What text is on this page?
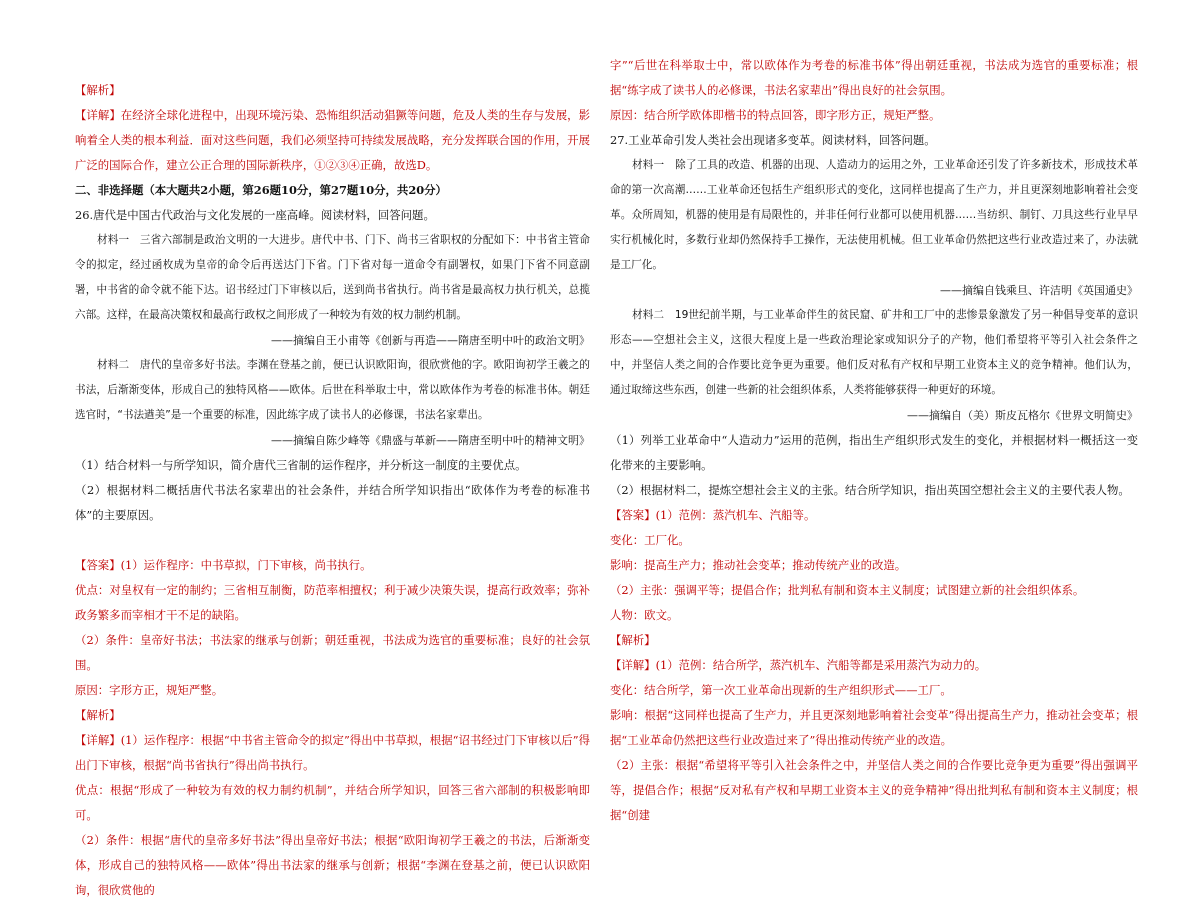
【解析】

【详解】在经济全球化进程中，出现环境污染、恐怖组织活动猖獗等问题，危及人类的生存与发展，影响着全人类的根本利益．面对这些问题，我们必须坚持可持续发展战略，充分发挥联合国的作用，开展广泛的国际合作，建立公正合理的国际新秩序，①②③④正确，故选D。

二、非选择题（本大题共2小题，第26题10分，第27题10分，共20分）

26.唐代是中国古代政治与文化发展的一座高峰。阅读材料，回答问题。

材料一　三省六部制是政治文明的一大进步。唐代中书、门下、尚书三省职权的分配如下：中书省主管命令的拟定，经过函枚成为皇帝的命令后再送达门下省。门下省对每一道命令有副署权，如果门下省不同意副署，中书省的命令就不能下达。诏书经过门下审核以后，送到尚书省执行。尚书省是最高权力执行机关，总揽六部。这样，在最高决策权和最高行政权之间形成了一种较为有效的权力制约机制。

——摘编自王小甫等《创新与再造——隋唐至明中叶的政治文明》

材料二　唐代的皇帝多好书法。李渊在登基之前，便已认识欧阳询，很欣赏他的字。欧阳询初学王羲之的书法，后渐渐变体，形成自己的独特风格——欧体。后世在科举取士中，常以欧体作为考卷的标准书体。朝廷选官时，“书法遒美”是一个重要的标准，因此练字成了读书人的必修课，书法名家辈出。

——摘编自陈少峰等《鼎盛与革新——隋唐至明中叶的精神文明》

（1）结合材料一与所学知识，简介唐代三省制的运作程序，并分析这一制度的主要优点。

（2）根据材料二概括唐代书法名家辈出的社会条件，并结合所学知识指出“欧体作为考卷的标准书体”的主要原因。

【答案】(1）运作程序：中书草拟，门下审核，尚书执行。

优点：对皇权有一定的制约；三省相互制衡，防范率相擅权；利于减少决策失误，提高行政效率；弥补政务繁多而宰相才干不足的缺陷。

（2）条件：皇帝好书法；书法家的继承与创新；朝廷重视，书法成为选官的重要标准；良好的社会氛围。

原因：字形方正，规矩严整。

【解析】

【详解】(1）运作程序：根据“中书省主管命令的拟定”得出中书草拟，根据“诏书经过门下审核以后”得出门下审核，根据“尚书省执行”得出尚书执行。

优点：根据“形成了一种较为有效的权力制约机制”，并结合所学知识，回答三省六部制的积极影响即可。

（2）条件：根据“唐代的皇帝多好书法”得出皇帝好书法；根据“欧阳询初学王羲之的书法，后渐渐变体，形成自己的独特风格——欧体”得出书法家的继承与创新；根据“李渊在登基之前，便已认识欧阳询，很欣赏他的

字”“后世在科举取士中，常以欧体作为考卷的标准书体”得出朝廷重视，书法成为选官的重要标准；根据“练字成了读书人的必修课，书法名家辈出”得出良好的社会氛围。

原因：结合所学欧体即楷书的特点回答，即字形方正，规矩严整。

27.工业革命引发人类社会出现诸多变革。阅读材料，回答问题。

材料一　除了工具的改造、机器的出现、人造动力的运用之外，工业革命还引发了许多新技术，形成技术革命的第一次高潮……工业革命还包括生产组织形式的变化，这同样也提高了生产力，并且更深刻地影响着社会变革。众所周知，机器的使用是有局限性的，并非任何行业都可以使用机器……当纺织、制钉、刀具这些行业早早实行机械化时，多数行业却仍然保持手工操作，无法使用机械。但工业革命仍然把这些行业改造过来了，办法就是工厂化。

——摘编自钱乘旦、许洁明《英国通史》

材料二　19世纪前半期，与工业革命伴生的贫民窟、矿井和工厂中的悲惨景象激发了另一种倡导变革的意识形态——空想社会主义，这很大程度上是一些政治理论家或知识分子的产物，他们希望将平等引入社会条件之中，并坚信人类之间的合作要比竞争更为重要。他们反对私有产权和早期工业资本主义的竞争精神。他们认为，通过取缔这些东西，创建一些新的社会组织体系，人类将能够获得一种更好的环境。

——摘编自（美）斯皮瓦格尔《世界文明简史》

（1）列举工业革命中“人造动力”运用的范例，指出生产组织形式发生的变化，并根据材料一概括这一变化带来的主要影响。

（2）根据材料二，提炼空想社会主义的主张。结合所学知识，指出英国空想社会主义的主要代表人物。

【答案】(1）范例：蒸汽机车、汽船等。

变化：工厂化。

影响：提高生产力；推动社会变革；推动传统产业的改造。

（2）主张：强调平等；提倡合作；批判私有制和资本主义制度；试图建立新的社会组织体系。

人物：欧文。

【解析】

【详解】(1）范例：结合所学，蒸汽机车、汽船等都是采用蒸汽为动力的。

变化：结合所学，第一次工业革命出现新的生产组织形式——工厂。

影响：根据“这同样也提高了生产力，并且更深刻地影响着社会变革”得出提高生产力，推动社会变革；根据“工业革命仍然把这些行业改造过来了”得出推动传统产业的改造。

（2）主张：根据“希望将平等引入社会条件之中，并坚信人类之间的合作要比竞争更为重要”得出强调平等，提倡合作；根据“反对私有产权和早期工业资本主义的竞争精神”得出批判私有制和资本主义制度；根据“创建
